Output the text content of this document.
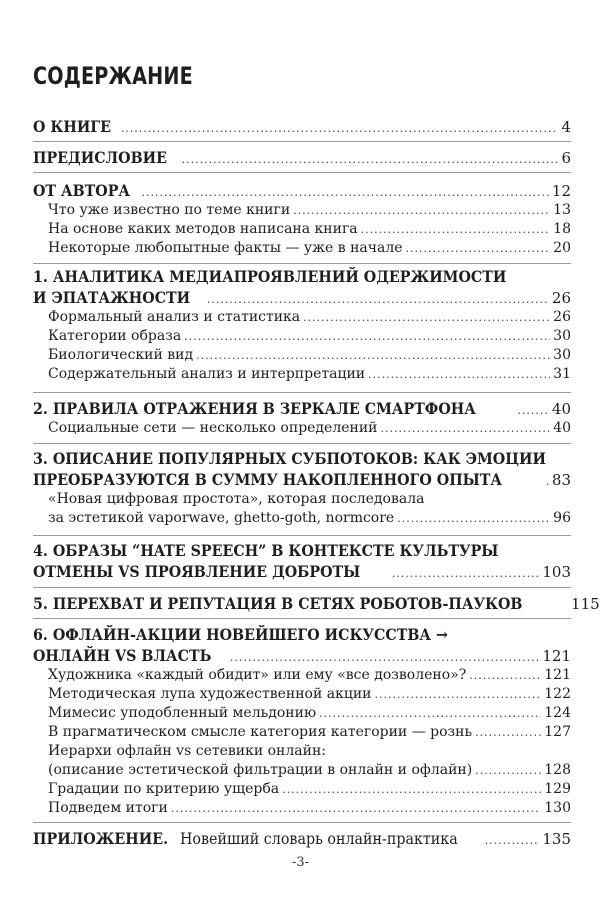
СОДЕРЖАНИЕ
О КНИГЕ .....	4
ПРЕДИСЛОВИЕ .....	6
ОТ АВТОРА .....	12
Что уже известно по теме книги .....	13
На основе каких методов написана книга .....	18
Некоторые любопытные факты — уже в начале .....	20
1. АНАЛИТИКА МЕДИАПРОЯВЛЕНИЙ ОДЕРЖИМОСТИ
И ЭПАТАЖНОСТИ .....	26
Формальный анализ и статистика .....	26
Категории образа .....	30
Биологический вид .....	30
Содержательный анализ и интерпретации .....	31
2. ПРАВИЛА ОТРАЖЕНИЯ В ЗЕРКАЛЕ СМАРТФОНА .....	40
Социальные сети — несколько определений .....	40
3. ОПИСАНИЕ ПОПУЛЯРНЫХ СУБПОТОКОВ: КАК ЭМОЦИИ
ПРЕОБРАЗУЮТСЯ В СУММУ НАКОПЛЕННОГО ОПЫТА .....	83
«Новая цифровая простота», которая последовала
за эстетикой vaporwave, ghetto-goth, normcore .....	96
4. ОБРАЗЫ “HATE SPEECH” В КОНТЕКСТЕ КУЛЬТУРЫ
ОТМЕНЫ VS ПРОЯВЛЕНИЕ ДОБРОТЫ .....	103
5. ПЕРЕХВАТ И РЕПУТАЦИЯ В СЕТЯХ РОБОТОВ-ПАУКОВ	115
6. ОФЛАЙН-АКЦИИ НОВЕЙШЕГО ИСКУССТВА →
ОНЛАЙН VS ВЛАСТЬ .....	121
Художника «каждый обидит» или ему «все дозволено»? .....	121
Методическая лупа художественной акции .....	122
Мимесис уподобленный мельдонию .....	124
В прагматическом смысле категория категории — рознь .....	127
Иерархи офлайн vs сетевики онлайн:
(описание эстетической фильтрации в онлайн и офлайн) .....	128
Градации по критерию ущерба .....	129
Подведем итоги .....	130
ПРИЛОЖЕНИЕ. Новейший словарь онлайн-практика .....	135
-3-
